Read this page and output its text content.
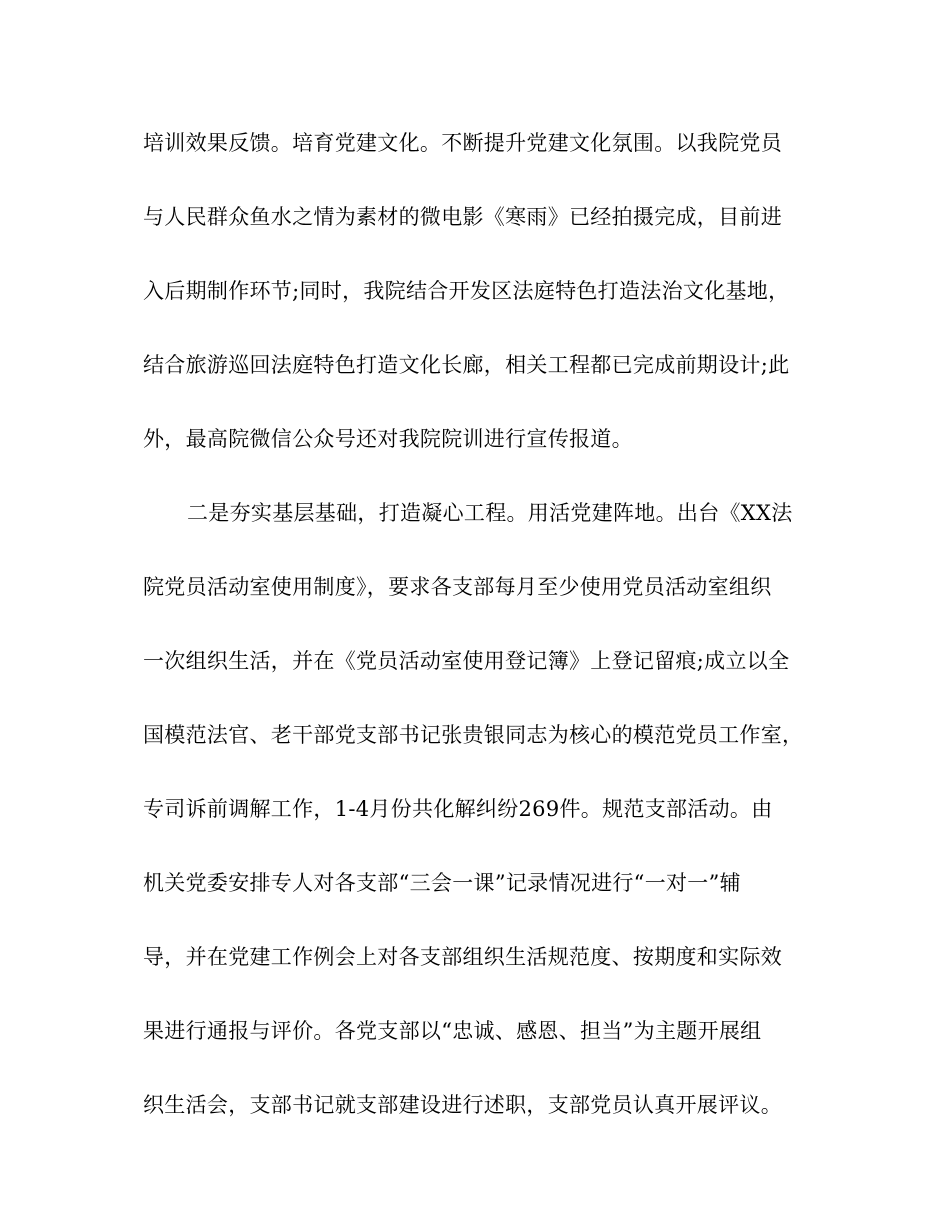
培训效果反馈。培育党建文化。不断提升党建文化氛围。以我院党员
与人民群众鱼水之情为素材的微电影《寒雨》已经拍摄完成，目前进
入后期制作环节;同时，我院结合开发区法庭特色打造法治文化基地，
结合旅游巡回法庭特色打造文化长廊，相关工程都已完成前期设计;此
外，最高院微信公众号还对我院院训进行宣传报道。
二是夯实基层基础，打造凝心工程。用活党建阵地。出台《XX法
院党员活动室使用制度》，要求各支部每月至少使用党员活动室组织
一次组织生活，并在《党员活动室使用登记簿》上登记留痕;成立以全
国模范法官、老干部党支部书记张贵银同志为核心的模范党员工作室，
专司诉前调解工作，1-4月份共化解纠纷269件。规范支部活动。由
机关党委安排专人对各支部“三会一课”记录情况进行“一对一”辅
导，并在党建工作例会上对各支部组织生活规范度、按期度和实际效
果进行通报与评价。各党支部以“忠诚、感恩、担当”为主题开展组
织生活会，支部书记就支部建设进行述职，支部党员认真开展评议。
